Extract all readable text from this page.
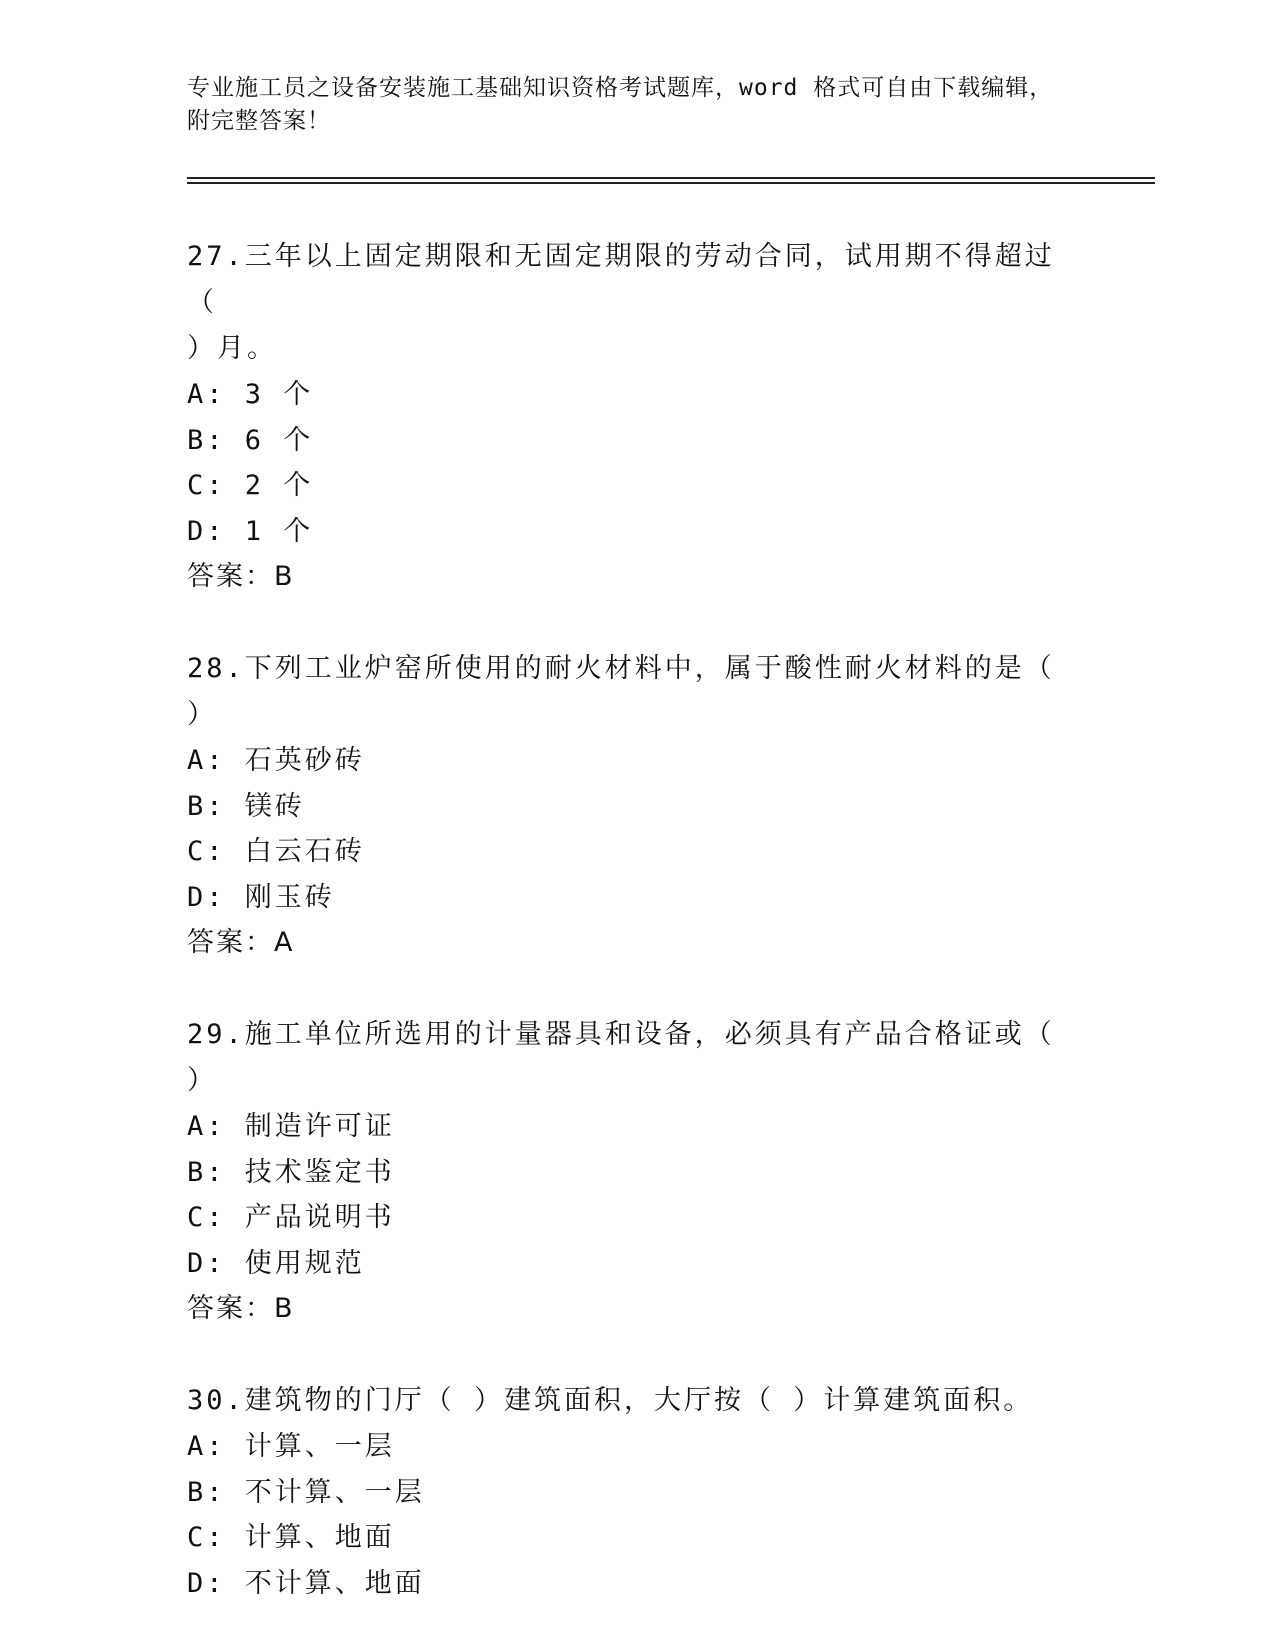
专业施工员之设备安装施工基础知识资格考试题库，word 格式可自由下载编辑，
附完整答案！
27.三年以上固定期限和无固定期限的劳动合同，试用期不得超过（
）月。
A: 3 个
B: 6 个
C: 2 个
D: 1 个
答案：B
28.下列工业炉窑所使用的耐火材料中，属于酸性耐火材料的是（ ）
A: 石英砂砖
B: 镁砖
C: 白云石砖
D: 刚玉砖
答案：A
29.施工单位所选用的计量器具和设备，必须具有产品合格证或（ ）
A: 制造许可证
B: 技术鉴定书
C: 产品说明书
D: 使用规范
答案：B
30.建筑物的门厅（ ）建筑面积，大厅按（ ）计算建筑面积。
A: 计算、一层
B: 不计算、一层
C: 计算、地面
D: 不计算、地面
